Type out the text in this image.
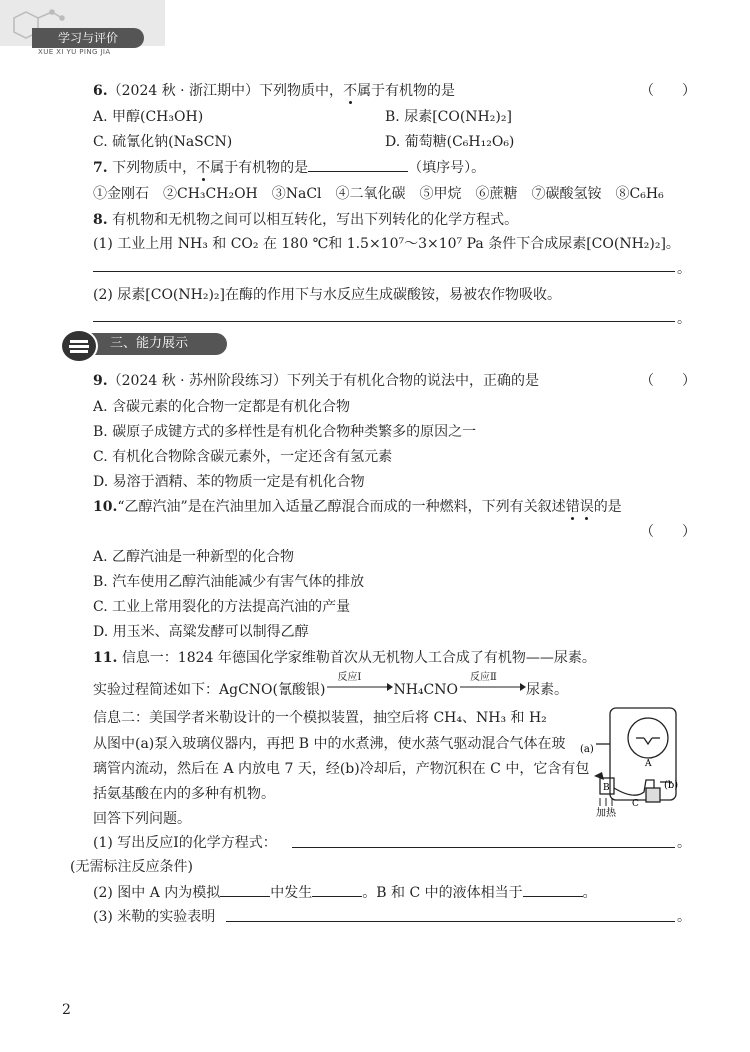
学习与评价
XUE XI YU PING JIA
6.（2024 秋 · 浙江期中）下列物质中，不属于有机物的是	（　　）
A. 甲醇(CH₃OH)	B. 尿素[CO(NH₂)₂]
C. 硫氰化钠(NaSCN)	D. 葡萄糖(C₆H₁₂O₆)
7. 下列物质中，不属于有机物的是	（填序号）。
①金刚石　②CH₃CH₂OH　③NaCl　④二氧化碳　⑤甲烷　⑥蔗糖　⑦碳酸氢铵　⑧C₆H₆
8. 有机物和无机物之间可以相互转化，写出下列转化的化学方程式。
(1) 工业上用 NH₃ 和 CO₂ 在 180 ℃和 1.5×10⁷～3×10⁷ Pa 条件下合成尿素[CO(NH₂)₂]。
。
(2) 尿素[CO(NH₂)₂]在酶的作用下与水反应生成碳酸铵，易被农作物吸收。
。
三、能力展示
9.（2024 秋 · 苏州阶段练习）下列关于有机化合物的说法中，正确的是	（　　）
A. 含碳元素的化合物一定都是有机化合物
B. 碳原子成键方式的多样性是有机化合物种类繁多的原因之一
C. 有机化合物除含碳元素外，一定还含有氢元素
D. 易溶于酒精、苯的物质一定是有机化合物
10.“乙醇汽油”是在汽油里加入适量乙醇混合而成的一种燃料，下列有关叙述错误的是
（　　）
A. 乙醇汽油是一种新型的化合物
B. 汽车使用乙醇汽油能减少有害气体的排放
C. 工业上常用裂化的方法提高汽油的产量
D. 用玉米、高粱发酵可以制得乙醇
11. 信息一：1824 年德国化学家维勒首次从无机物人工合成了有机物——尿素。
实验过程简述如下：AgCNO(氰酸银)
反应Ⅰ
NH₄CNO
反应Ⅱ
尿素。
信息二：美国学者米勒设计的一个模拟装置，抽空后将 CH₄、NH₃ 和 H₂
从图中(a)泵入玻璃仪器内，再把 B 中的水煮沸，使水蒸气驱动混合气体在玻
璃管内流动，然后在 A 内放电 7 天，经(b)冷却后，产物沉积在 C 中，它含有包
括氨基酸在内的多种有机物。
(a)
A
B	(b)
C
加热
回答下列问题。
(1) 写出反应Ⅰ的化学方程式：	。
(无需标注反应条件)
(2) 图中 A 内为模拟	中发生	。B 和 C 中的液体相当于	。
(3) 米勒的实验表明	。
2
